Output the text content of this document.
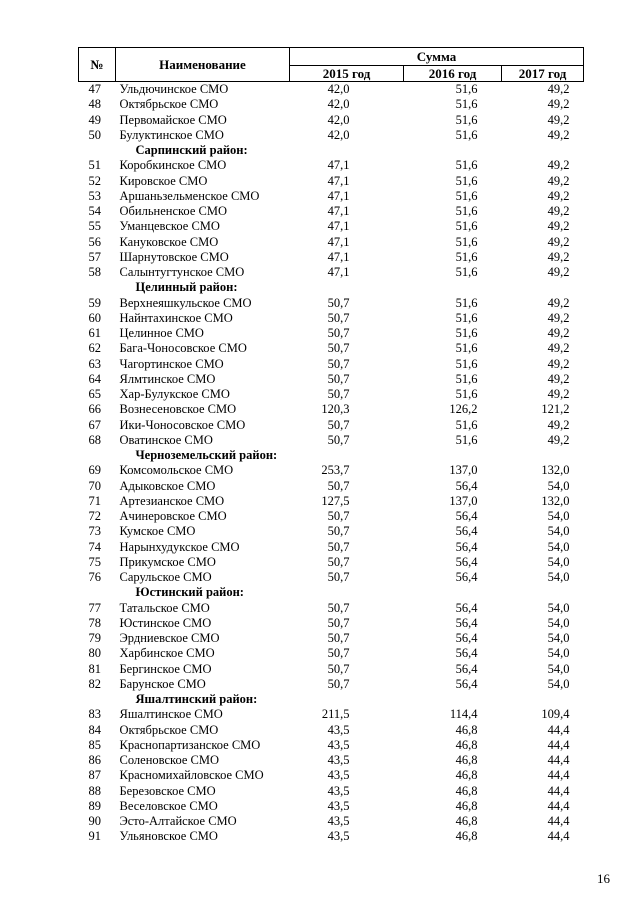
№	Наименование	Сумма		
		2015 год	2016 год	2017 год
47	Ульдючинское СМО	42,0	51,6	49,2
48	Октябрьское СМО	42,0	51,6	49,2
49	Первомайское СМО	42,0	51,6	49,2
50	Булуктинское СМО	42,0	51,6	49,2
	Сарпинский район:			
51	Коробкинское СМО	47,1	51,6	49,2
52	Кировское СМО	47,1	51,6	49,2
53	Аршаньзельменское СМО	47,1	51,6	49,2
54	Обильненское СМО	47,1	51,6	49,2
55	Уманцевское СМО	47,1	51,6	49,2
56	Кануковское СМО	47,1	51,6	49,2
57	Шарнутовское СМО	47,1	51,6	49,2
58	Салынтугтунское СМО	47,1	51,6	49,2
	Целинный район:			
59	Верхнеяшкульское СМО	50,7	51,6	49,2
60	Найнтахинское СМО	50,7	51,6	49,2
61	Целинное СМО	50,7	51,6	49,2
62	Бага-Чоносовское СМО	50,7	51,6	49,2
63	Чагортинское СМО	50,7	51,6	49,2
64	Ялмтинское СМО	50,7	51,6	49,2
65	Хар-Булукское СМО	50,7	51,6	49,2
66	Вознесеновское СМО	120,3	126,2	121,2
67	Ики-Чоносовское СМО	50,7	51,6	49,2
68	Оватинское СМО	50,7	51,6	49,2
	Черноземельский район:			
69	Комсомольское СМО	253,7	137,0	132,0
70	Адыковское СМО	50,7	56,4	54,0
71	Артезианское СМО	127,5	137,0	132,0
72	Ачинеровское СМО	50,7	56,4	54,0
73	Кумское СМО	50,7	56,4	54,0
74	Нарынхудукское СМО	50,7	56,4	54,0
75	Прикумское СМО	50,7	56,4	54,0
76	Сарульское СМО	50,7	56,4	54,0
	Юстинский район:			
77	Татальское СМО	50,7	56,4	54,0
78	Юстинское СМО	50,7	56,4	54,0
79	Эрдниевское СМО	50,7	56,4	54,0
80	Харбинское СМО	50,7	56,4	54,0
81	Бергинское СМО	50,7	56,4	54,0
82	Барунское СМО	50,7	56,4	54,0
	Яшалтинский район:			
83	Яшалтинское СМО	211,5	114,4	109,4
84	Октябрьское СМО	43,5	46,8	44,4
85	Краснопартизанское СМО	43,5	46,8	44,4
86	Соленовское СМО	43,5	46,8	44,4
87	Красномихайловское СМО	43,5	46,8	44,4
88	Березовское СМО	43,5	46,8	44,4
89	Веселовское СМО	43,5	46,8	44,4
90	Эсто-Алтайское СМО	43,5	46,8	44,4
91	Ульяновское СМО	43,5	46,8	44,4
16
